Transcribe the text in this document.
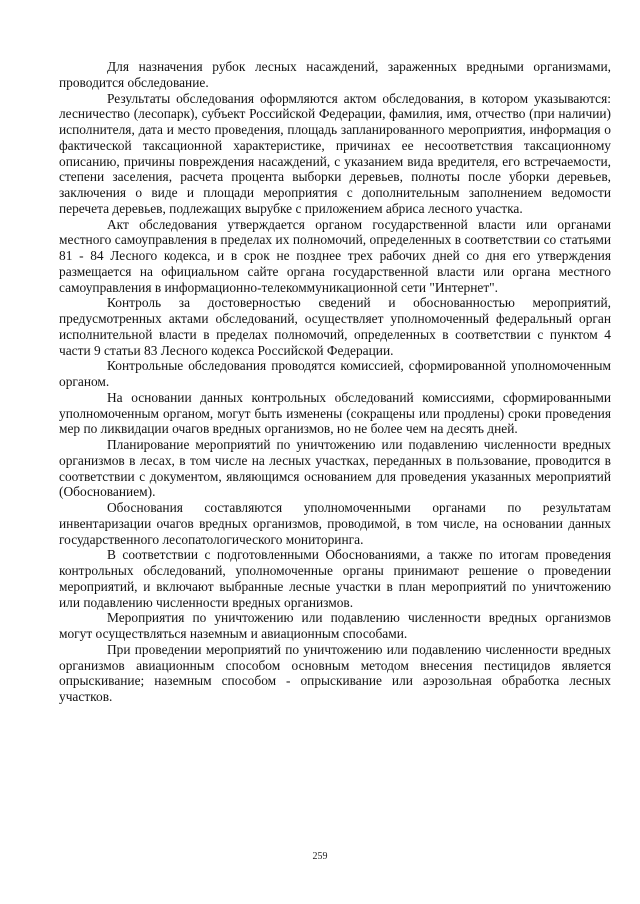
Для назначения рубок лесных насаждений, зараженных вредными организмами, проводится обследование.

Результаты обследования оформляются актом обследования, в котором указываются: лесничество (лесопарк), субъект Российской Федерации, фамилия, имя, отчество (при наличии) исполнителя, дата и место проведения, площадь запланированного мероприятия, информация о фактической таксационной характеристике, причинах ее несоответствия таксационному описанию, причины повреждения насаждений, с указанием вида вредителя, его встречаемости, степени заселения, расчета процента выборки деревьев, полноты после уборки деревьев, заключения о виде и площади мероприятия с дополнительным заполнением ведомости перечета деревьев, подлежащих вырубке с приложением абриса лесного участка.

Акт обследования утверждается органом государственной власти или органами местного самоуправления в пределах их полномочий, определенных в соответствии со статьями 81 - 84 Лесного кодекса, и в срок не позднее трех рабочих дней со дня его утверждения размещается на официальном сайте органа государственной власти или органа местного самоуправления в информационно-телекоммуникационной сети "Интернет".

Контроль за достоверностью сведений и обоснованностью мероприятий, предусмотренных актами обследований, осуществляет уполномоченный федеральный орган исполнительной власти в пределах полномочий, определенных в соответствии с пунктом 4 части 9 статьи 83 Лесного кодекса Российской Федерации.

Контрольные обследования проводятся комиссией, сформированной уполномоченным органом.

На основании данных контрольных обследований комиссиями, сформированными уполномоченным органом, могут быть изменены (сокращены или продлены) сроки проведения мер по ликвидации очагов вредных организмов, но не более чем на десять дней.

Планирование мероприятий по уничтожению или подавлению численности вредных организмов в лесах, в том числе на лесных участках, переданных в пользование, проводится в соответствии с документом, являющимся основанием для проведения указанных мероприятий (Обоснованием).

Обоснования составляются уполномоченными органами по результатам инвентаризации очагов вредных организмов, проводимой, в том числе, на основании данных государственного лесопатологического мониторинга.

В соответствии с подготовленными Обоснованиями, а также по итогам проведения контрольных обследований, уполномоченные органы принимают решение о проведении мероприятий, и включают выбранные лесные участки в план мероприятий по уничтожению или подавлению численности вредных организмов.

Мероприятия по уничтожению или подавлению численности вредных организмов могут осуществляться наземным и авиационным способами.

При проведении мероприятий по уничтожению или подавлению численности вредных организмов авиационным способом основным методом внесения пестицидов является опрыскивание; наземным способом - опрыскивание или аэрозольная обработка лесных участков.

259
